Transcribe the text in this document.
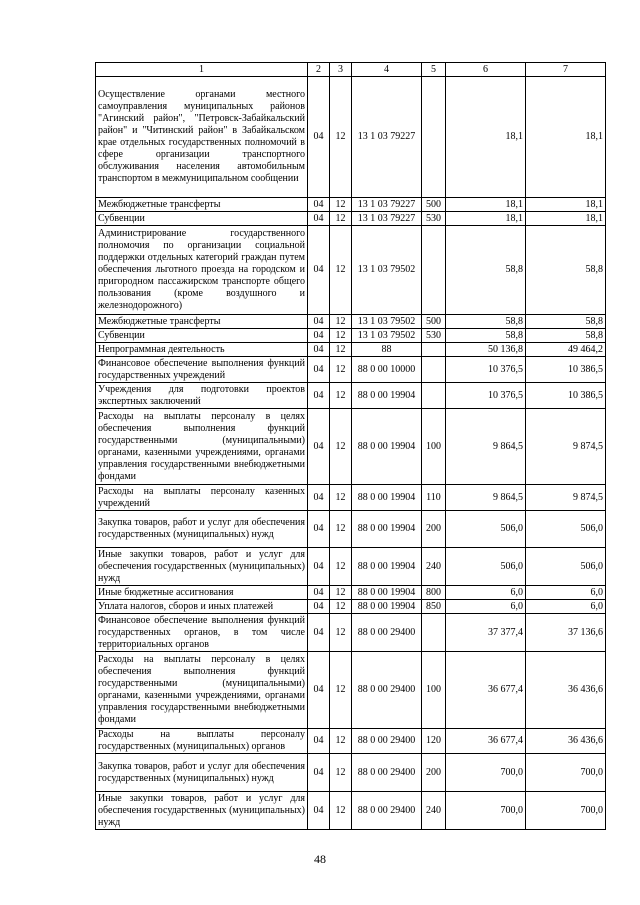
1	2	3	4	5	6	7
Осуществление органами местного самоуправления муниципальных районов "Агинский район", "Петровск-Забайкальский район" и "Читинский район" в Забайкальском крае отдельных государственных полномочий в сфере организации транспортного обслуживания населения автомобильным транспортом в межмуниципальном сообщении	04	12	13 1 03 79227		18,1	18,1
Межбюджетные трансферты	04	12	13 1 03 79227	500	18,1	18,1
Субвенции	04	12	13 1 03 79227	530	18,1	18,1
Администрирование государственного полномочия по организации социальной поддержки отдельных категорий граждан путем обеспечения льготного проезда на городском и пригородном пассажирском транспорте общего пользования (кроме воздушного и железнодорожного)	04	12	13 1 03 79502		58,8	58,8
Межбюджетные трансферты	04	12	13 1 03 79502	500	58,8	58,8
Субвенции	04	12	13 1 03 79502	530	58,8	58,8
Непрограммная деятельность	04	12	88		50 136,8	49 464,2
Финансовое обеспечение выполнения функций государственных учреждений	04	12	88 0 00 10000		10 376,5	10 386,5
Учреждения для подготовки проектов экспертных заключений	04	12	88 0 00 19904		10 376,5	10 386,5
Расходы на выплаты персоналу в целях обеспечения выполнения функций государственными (муниципальными) органами, казенными учреждениями, органами управления государственными внебюджетными фондами	04	12	88 0 00 19904	100	9 864,5	9 874,5
Расходы на выплаты персоналу казенных учреждений	04	12	88 0 00 19904	110	9 864,5	9 874,5
Закупка товаров, работ и услуг для обеспечения государственных (муниципальных) нужд	04	12	88 0 00 19904	200	506,0	506,0
Иные закупки товаров, работ и услуг для обеспечения государственных (муниципальных) нужд	04	12	88 0 00 19904	240	506,0	506,0
Иные бюджетные ассигнования	04	12	88 0 00 19904	800	6,0	6,0
Уплата налогов, сборов и иных платежей	04	12	88 0 00 19904	850	6,0	6,0
Финансовое обеспечение выполнения функций государственных органов, в том числе территориальных органов	04	12	88 0 00 29400		37 377,4	37 136,6
Расходы на выплаты персоналу в целях обеспечения выполнения функций государственными (муниципальными) органами, казенными учреждениями, органами управления государственными внебюджетными фондами	04	12	88 0 00 29400	100	36 677,4	36 436,6
Расходы на выплаты персоналу государственных (муниципальных) органов	04	12	88 0 00 29400	120	36 677,4	36 436,6
Закупка товаров, работ и услуг для обеспечения государственных (муниципальных) нужд	04	12	88 0 00 29400	200	700,0	700,0
Иные закупки товаров, работ и услуг для обеспечения государственных (муниципальных) нужд	04	12	88 0 00 29400	240	700,0	700,0
48
